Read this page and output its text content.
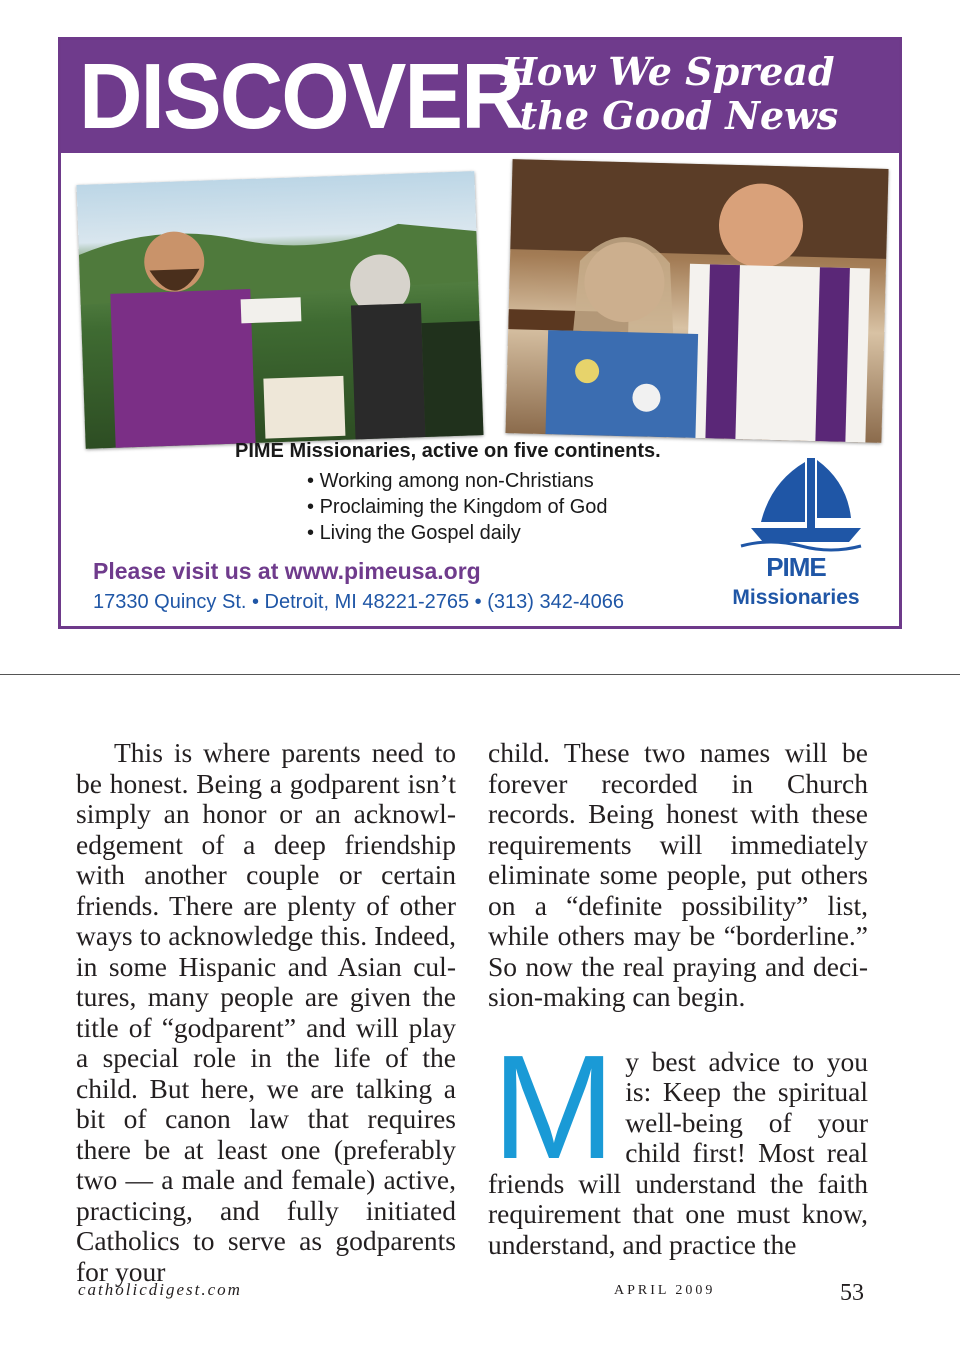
DISCOVER
How We Spread
the Good News

PIME Missionaries, active on five continents.

• Working among non-Christians
• Proclaiming the Kingdom of God
• Living the Gospel daily
Please visit us at www.pimeusa.org
17330 Quincy St. • Detroit, MI 48221-2765 • (313) 342-4066
PIME
Missionaries

This is where parents need to be honest. Being a godparent isn’t simply an honor or an acknowledgement of a deep friendship with another couple or certain friends. There are plenty of other ways to acknowledge this. Indeed, in some Hispanic and Asian cultures, many people are given the title of “godparent” and will play a special role in the life of the child. But here, we are talking a bit of canon law that requires there be at least one (preferably two — a male and female) active, practicing, and fully initiated Catholics to serve as godparents for your

child. These two names will be forever recorded in Church records. Being honest with these requirements will immediately eliminate some people, put others on a “definite possibility” list, while others may be “borderline.” So now the real praying and decision-making can begin.

My best advice to you is: Keep the spiritual well-being of your child first! Most real friends will understand the faith requirement that one must know, understand, and practice the

catholicdigest.com	APRIL 2009	53
